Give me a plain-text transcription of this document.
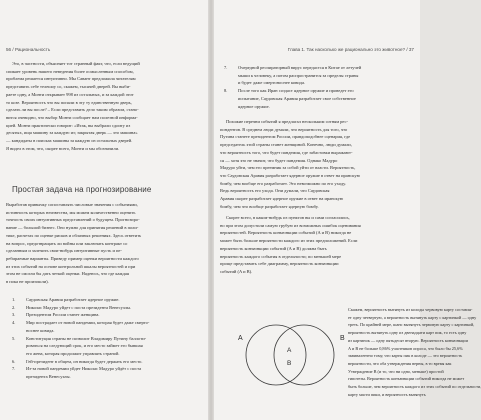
56 / Рациональность
Это, в частности, объясняет тот странный факт, что, если ведущий
спикает уровень нашего неведения более осмысленным способом,
проблема решается интуитивно. Мы Савант предложила читателям
представить себе телешоу со, скажем, тысячей дверей. Вы выби-
раете одну, а Монти открывает 998 из остальных, и за каждой этот
то козе. Вероятность что вы попали в эту ту единственную дверь,
сделать ли вы после? – Если представить дело таким образом, стано-
вится очевидно, что выбор Монти сообщает нам полезной информа-
цией. Монти практически говорит: «Итак, вы выбрали сдоиту из
десятых, ища машину за каждую из; закрытая дверь — это машина»
— кандидаты в поисках машины за каждую из остальных дверей.
Я видел в этом, что, скорее всего, Монти и мы обозначили.
Простая задача на прогнозирование
Выработав привычку сопоставлять числовые значения с событиями,
истинность которых неизвестна, мы можем количественно оценить
точность своих интуитивных представлений о будущем. Прогнозиро-
вание — большой бизнес. Оно нужно для принятия решений в поли-
тике, расчетах по оценке рисков и облачных решениях. Здесь ответить
на вопрос, предотвращать ли войны или заключать контракт со
сделанным и залечить свои-нибудь интуитивные пусть и пе-
ребираемые варианты. Приведу пример оценки вероятности каждого
из этих событий на основе контрольной шкалы вероятностей и при
этом не смогли бы дать четкой оценки. Надеюсь, что где каждая
в пока не произошли).
1.	Саудовская Аравия разработает ядерное оружие.
2.	Николас Мадуро уйдет с поста президента Венесуэлы.
3.	Президентом России станет женщина.
4.	Мир пострадает от новой пандемии, которая будет даже смерто-
носнее ковида.
5.	Конституция страны не позволит Владимиру Путину баллоти-
роваться на следующий срок, и его место займет его бывшая
его жена, которая продолжит управлять страной.
6.	Гей-президент в общем, он никогда будет держать его место.
7.	Из-за новой пандемии уйдет Николас Мадуро уйдёт с поста
президента Венесуэлы.
Глава 1. Так насколько же рационально это животное? / 37
7.	Очередной респираторный вирус передастся в Китае от летучей
мыши к человеку, а потом распространится за пределы страны
и будет даже смертоноснее ковида.
8.	После того как Иран создаст ядерное оружие и проведет его
испытание, Саудовская Аравия разработает свое собственное
ядерное оружие.
Похожие перечни событий я предлагал нескольким сотням рес-
пондентов. В среднем люди думали, что вероятность для того, что
Путина станете президентом России, правдоподобнее сценария, где
председатель этой страны станет женщиной. Конечно, люди думали,
что вероятность того, что будет пандемия, где забастовки выражают-
ся — хотя это не значит, что будет пандемия. Однако Мадуро
Мадуро уйти, чем его преемник за собой уйти от власти. Вероятность,
что Саудовская Аравия разработает ядерное оружие в ответ на иранскую
бомбу, чем вообще его разработает. Это невозможно по его уходу.
Ведь вероятность его ухода. Они думали, что Саудовская
Аравия скорее разработает ядерное оружие в ответ на иранскую
бомбу, чем что вообще разработает ядерную бомбу.
Скорее всего, в каком-нибудь из пунктов вы и сами согласились,
но при этом допустили самую грубую из возможных ошибок оценивания
вероятностей. Вероятность конъюнкции событий (A и B) никогда не
может быть больше вероятности каждого из этих предположений. Если
вероятность конъюнкции событий (A и B) должна быть
вероятность каждого события в отдельности; по меньшей мере
проще представить себе диаграмму, вероятность конъюнкции
событий (A и B).
A	B
A
B
Скажем, вероятность вытянуть из колоды червовую карту составля-
ет одну четвертую, а вероятность вытянуть карту с картинкой — одну
треть. По крайней мере, шанс вытянуть червовую карту с картинкой,
вероятность вытянуть одну из двенадцати карт пик, то есть одну
из картинок — одну пятьдесят вторую. Вероятность конъюнкции
A и B не больше 0,86% участников опроса, что было бы 25,6%
эквивалентно тому, что карты пик в колоде — это вероятность
вероятности, что оба утверждения верны, в то время как
Утверждение B (и то, что ни одно, меньше) простой
гипотезы. Вероятность конъюнкции событий никогда не может
быть больше, чем вероятность каждого из этих событий по отдельности,
карту масти пики, и вероятность вытянуть
